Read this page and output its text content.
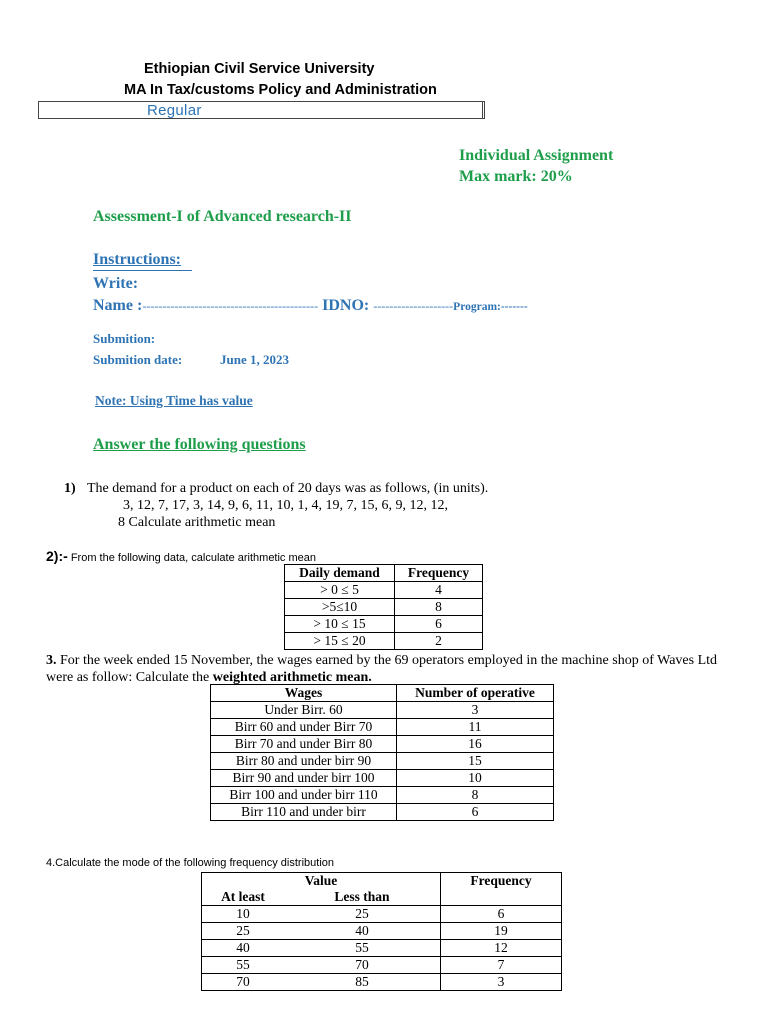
Ethiopian Civil Service University
MA In Tax/customs Policy and Administration
Regular
Individual Assignment
Max mark: 20%
Assessment-I of Advanced research-II
Instructions:
Write:
Name :-------------------------------------------- IDNO: --------------------Program:-------
Submition:
Submition date:	June 1, 2023
Note: Using Time has value
Answer the following questions
1) The demand for a product on each of 20 days was as follows, (in units).
3, 12, 7, 17, 3, 14, 9, 6, 11, 10, 1, 4, 19, 7, 15, 6, 9, 12, 12,
8 Calculate arithmetic mean
2):- From the following data, calculate arithmetic mean
Daily demand	Frequency
> 0 ≤ 5	4
>5≤10	8
> 10 ≤ 15	6
> 15 ≤ 20	2
3. For the week ended 15 November, the wages earned by the 69 operators employed in the machine shop of Waves Ltd were as follow: Calculate the weighted arithmetic mean.
Wages	Number of operative
Under Birr. 60	3
Birr 60 and under Birr 70	11
Birr 70 and under Birr 80	16
Birr 80 and under birr 90	15
Birr 90 and under birr 100	10
Birr 100 and under birr 110	8
Birr 110 and under birr	6
4.Calculate the mode of the following frequency distribution
Value		Frequency
At least	Less than	
10	25	6
25	40	19
40	55	12
55	70	7
70	85	3
